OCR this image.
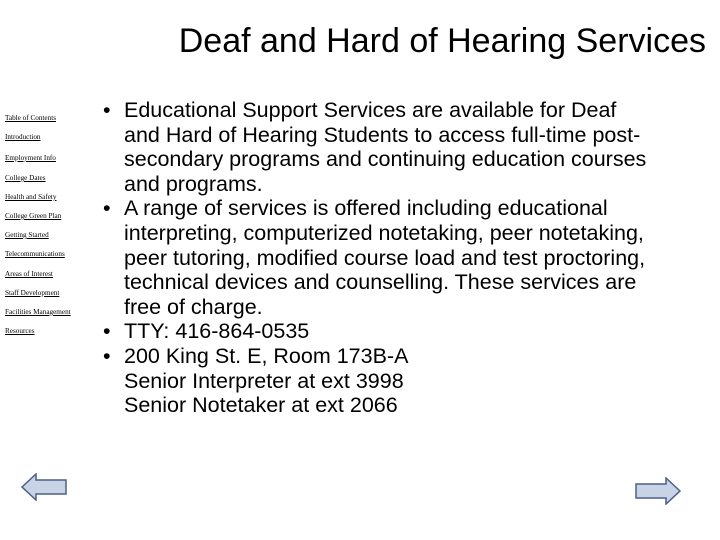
Deaf and Hard of Hearing Services
Table of Contents
Introduction
Employment Info
College Dates
Health and Safety
College Green Plan
Getting Started
Telecommunications
Areas of Interest
Staff Development
Facilities Management
Resources
• Educational Support Services are available for Deaf
and Hard of Hearing Students to access full-time post-
secondary programs and continuing education courses
and programs.
• A range of services is offered including educational
interpreting, computerized notetaking, peer notetaking,
peer tutoring, modified course load and test proctoring,
technical devices and counselling. These services are
free of charge.
• TTY: 416-864-0535
• 200 King St. E, Room 173B-A
Senior Interpreter at ext 3998
Senior Notetaker at ext 2066
